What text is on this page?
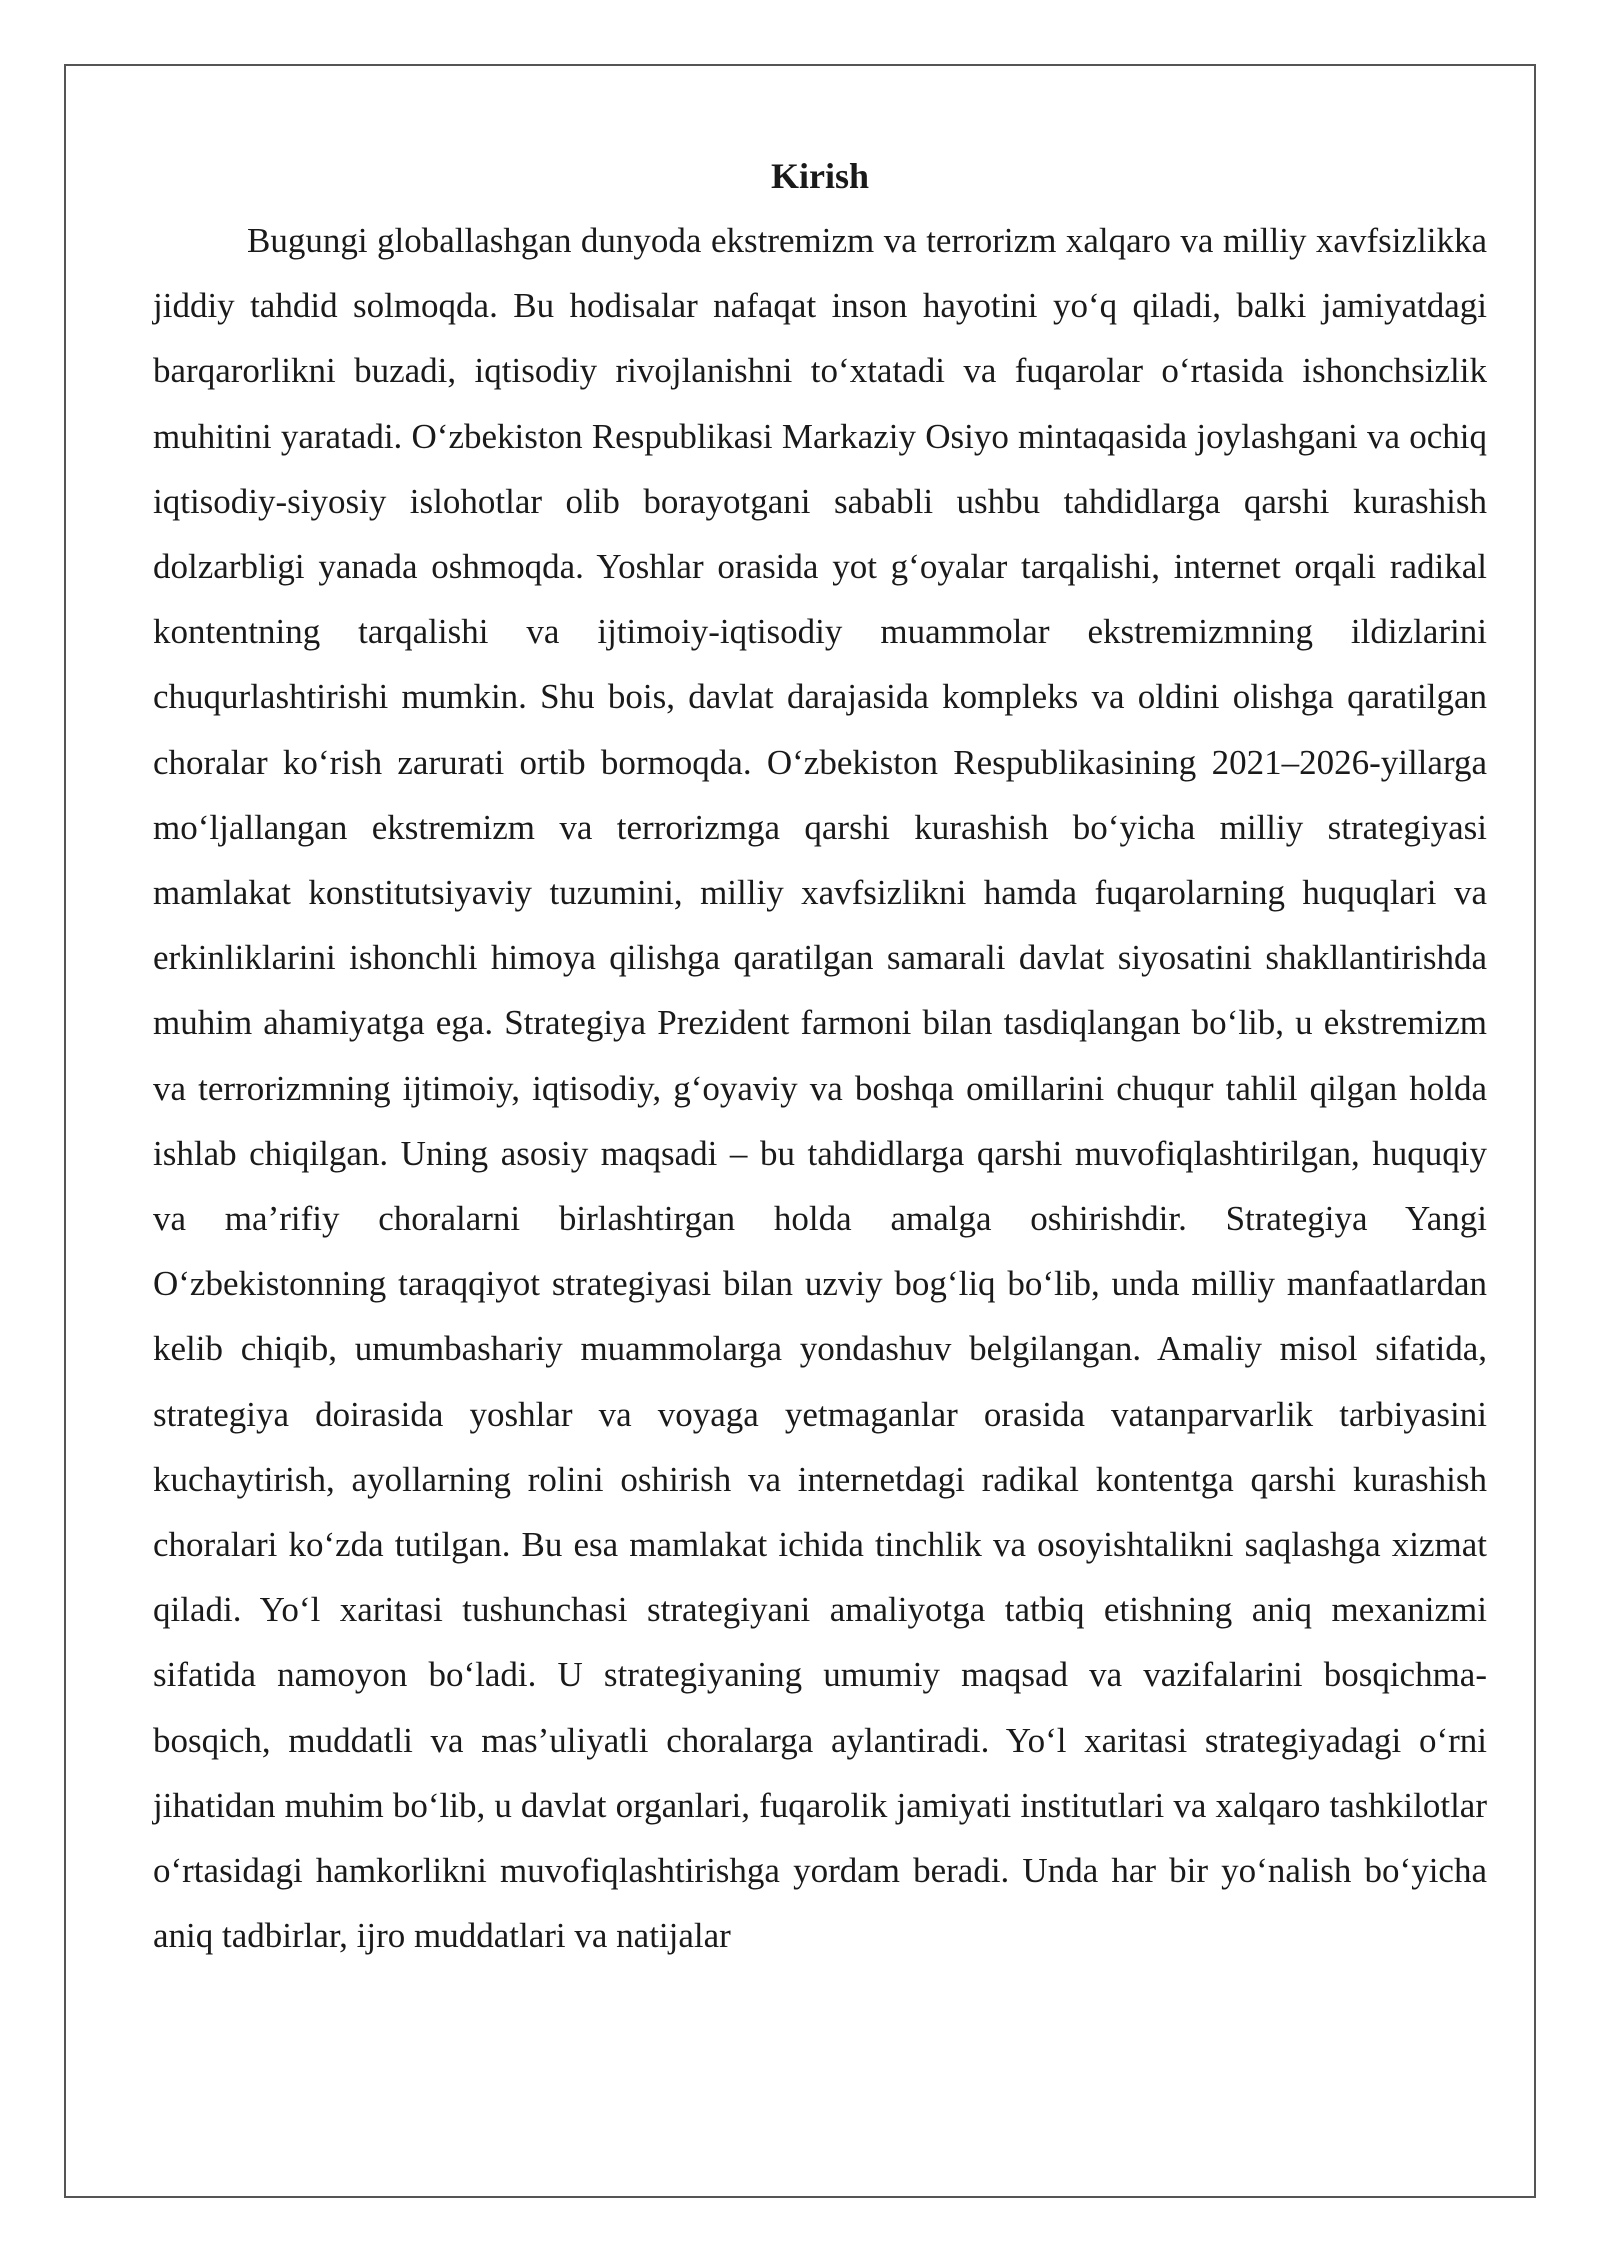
Kirish

Bugungi globallashgan dunyoda ekstremizm va terrorizm xalqaro va milliy xavfsizlikka jiddiy tahdid solmoqda. Bu hodisalar nafaqat inson hayotini yo‘q qiladi, balki jamiyatdagi barqarorlikni buzadi, iqtisodiy rivojlanishni to‘xtatadi va fuqarolar o‘rtasida ishonchsizlik muhitini yaratadi. O‘zbekiston Respublikasi Markaziy Osiyo mintaqasida joylashgani va ochiq iqtisodiy-siyosiy islohotlar olib borayotgani sababli ushbu tahdidlarga qarshi kurashish dolzarbligi yanada oshmoqda. Yoshlar orasida yot g‘oyalar tarqalishi, internet orqali radikal kontentning tarqalishi va ijtimoiy-iqtisodiy muammolar ekstremizmning ildizlarini chuqurlashtirishi mumkin. Shu bois, davlat darajasida kompleks va oldini olishga qaratilgan choralar ko‘rish zarurati ortib bormoqda. O‘zbekiston Respublikasining 2021–2026-yillarga mo‘ljallangan ekstremizm va terrorizmga qarshi kurashish bo‘yicha milliy strategiyasi mamlakat konstitutsiyaviy tuzumini, milliy xavfsizlikni hamda fuqarolarning huquqlari va erkinliklarini ishonchli himoya qilishga qaratilgan samarali davlat siyosatini shakllantirishda muhim ahamiyatga ega. Strategiya Prezident farmoni bilan tasdiqlangan bo‘lib, u ekstremizm va terrorizmning ijtimoiy, iqtisodiy, g‘oyaviy va boshqa omillarini chuqur tahlil qilgan holda ishlab chiqilgan. Uning asosiy maqsadi – bu tahdidlarga qarshi muvofiqlashtirilgan, huquqiy va ma’rifiy choralarni birlashtirgan holda amalga oshirishdir. Strategiya Yangi O‘zbekistonning taraqqiyot strategiyasi bilan uzviy bog‘liq bo‘lib, unda milliy manfaatlardan kelib chiqib, umumbashariy muammolarga yondashuv belgilangan. Amaliy misol sifatida, strategiya doirasida yoshlar va voyaga yetmaganlar orasida vatanparvarlik tarbiyasini kuchaytirish, ayollarning rolini oshirish va internetdagi radikal kontentga qarshi kurashish choralari ko‘zda tutilgan. Bu esa mamlakat ichida tinchlik va osoyishtalikni saqlashga xizmat qiladi. Yo‘l xaritasi tushunchasi strategiyani amaliyotga tatbiq etishning aniq mexanizmi sifatida namoyon bo‘ladi. U strategiyaning umumiy maqsad va vazifalarini bosqichma-bosqich, muddatli va mas’uliyatli choralarga aylantiradi. Yo‘l xaritasi strategiyadagi o‘rni jihatidan muhim bo‘lib, u davlat organlari, fuqarolik jamiyati institutlari va xalqaro tashkilotlar o‘rtasidagi hamkorlikni muvofiqlashtirishga yordam beradi. Unda har bir yo‘nalish bo‘yicha aniq tadbirlar, ijro muddatlari va natijalar
